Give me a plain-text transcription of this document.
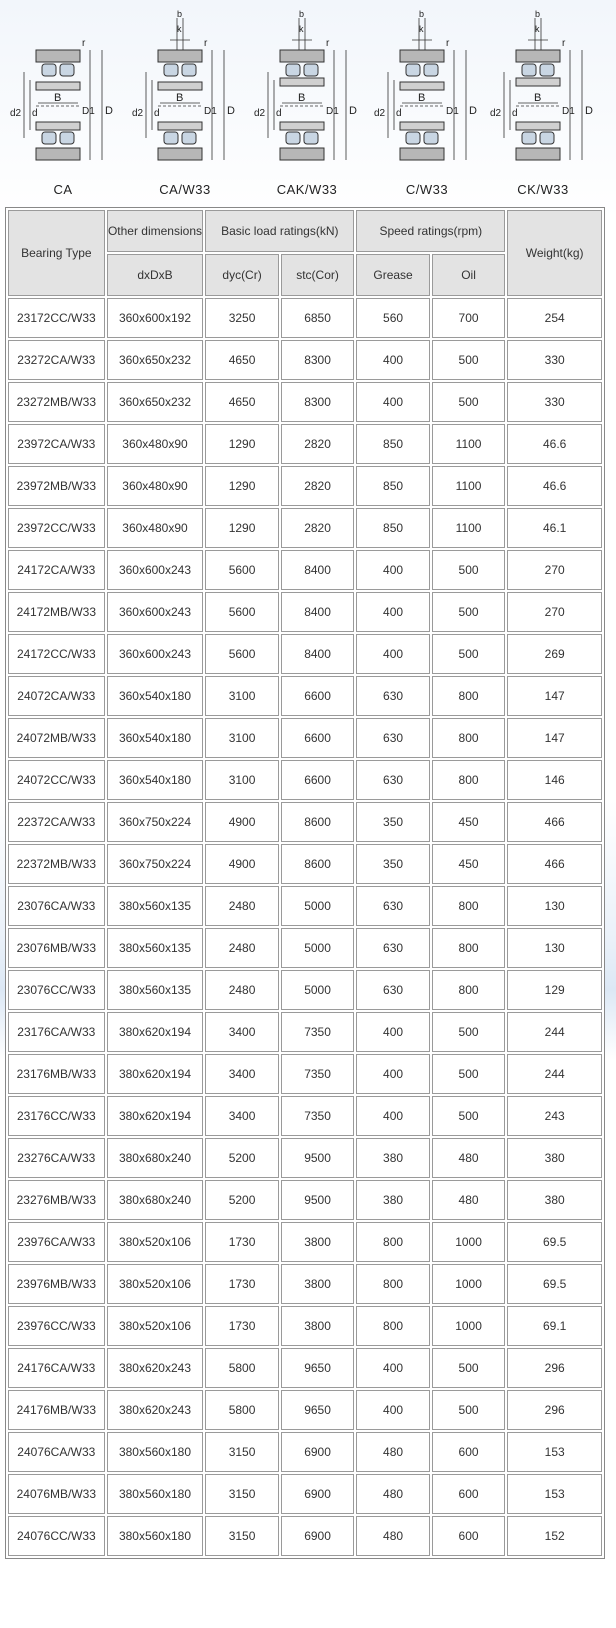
B
d2 d	D1 D
r
CA
B
d2 d	D1 D
r
b
k
CA/W33
B
d2 d	D1 D
r
b
k
CAK/W33
B
d2 d	D1 D
r
b
k
C/W33
B
d2 d	D1 D
r
b
k
CK/W33
Bearing Type	Other dimensions	Basic load ratings(kN)		Speed ratings(rpm)		Weight(kg)
	dxDxB	dyc(Cr)	stc(Cor)	Grease	Oil	
23172CC/W33	360x600x192	3250	6850	560	700	254
23272CA/W33	360x650x232	4650	8300	400	500	330
23272MB/W33	360x650x232	4650	8300	400	500	330
23972CA/W33	360x480x90	1290	2820	850	1100	46.6
23972MB/W33	360x480x90	1290	2820	850	1100	46.6
23972CC/W33	360x480x90	1290	2820	850	1100	46.1
24172CA/W33	360x600x243	5600	8400	400	500	270
24172MB/W33	360x600x243	5600	8400	400	500	270
24172CC/W33	360x600x243	5600	8400	400	500	269
24072CA/W33	360x540x180	3100	6600	630	800	147
24072MB/W33	360x540x180	3100	6600	630	800	147
24072CC/W33	360x540x180	3100	6600	630	800	146
22372CA/W33	360x750x224	4900	8600	350	450	466
22372MB/W33	360x750x224	4900	8600	350	450	466
23076CA/W33	380x560x135	2480	5000	630	800	130
23076MB/W33	380x560x135	2480	5000	630	800	130
23076CC/W33	380x560x135	2480	5000	630	800	129
23176CA/W33	380x620x194	3400	7350	400	500	244
23176MB/W33	380x620x194	3400	7350	400	500	244
23176CC/W33	380x620x194	3400	7350	400	500	243
23276CA/W33	380x680x240	5200	9500	380	480	380
23276MB/W33	380x680x240	5200	9500	380	480	380
23976CA/W33	380x520x106	1730	3800	800	1000	69.5
23976MB/W33	380x520x106	1730	3800	800	1000	69.5
23976CC/W33	380x520x106	1730	3800	800	1000	69.1
24176CA/W33	380x620x243	5800	9650	400	500	296
24176MB/W33	380x620x243	5800	9650	400	500	296
24076CA/W33	380x560x180	3150	6900	480	600	153
24076MB/W33	380x560x180	3150	6900	480	600	153
24076CC/W33	380x560x180	3150	6900	480	600	152
